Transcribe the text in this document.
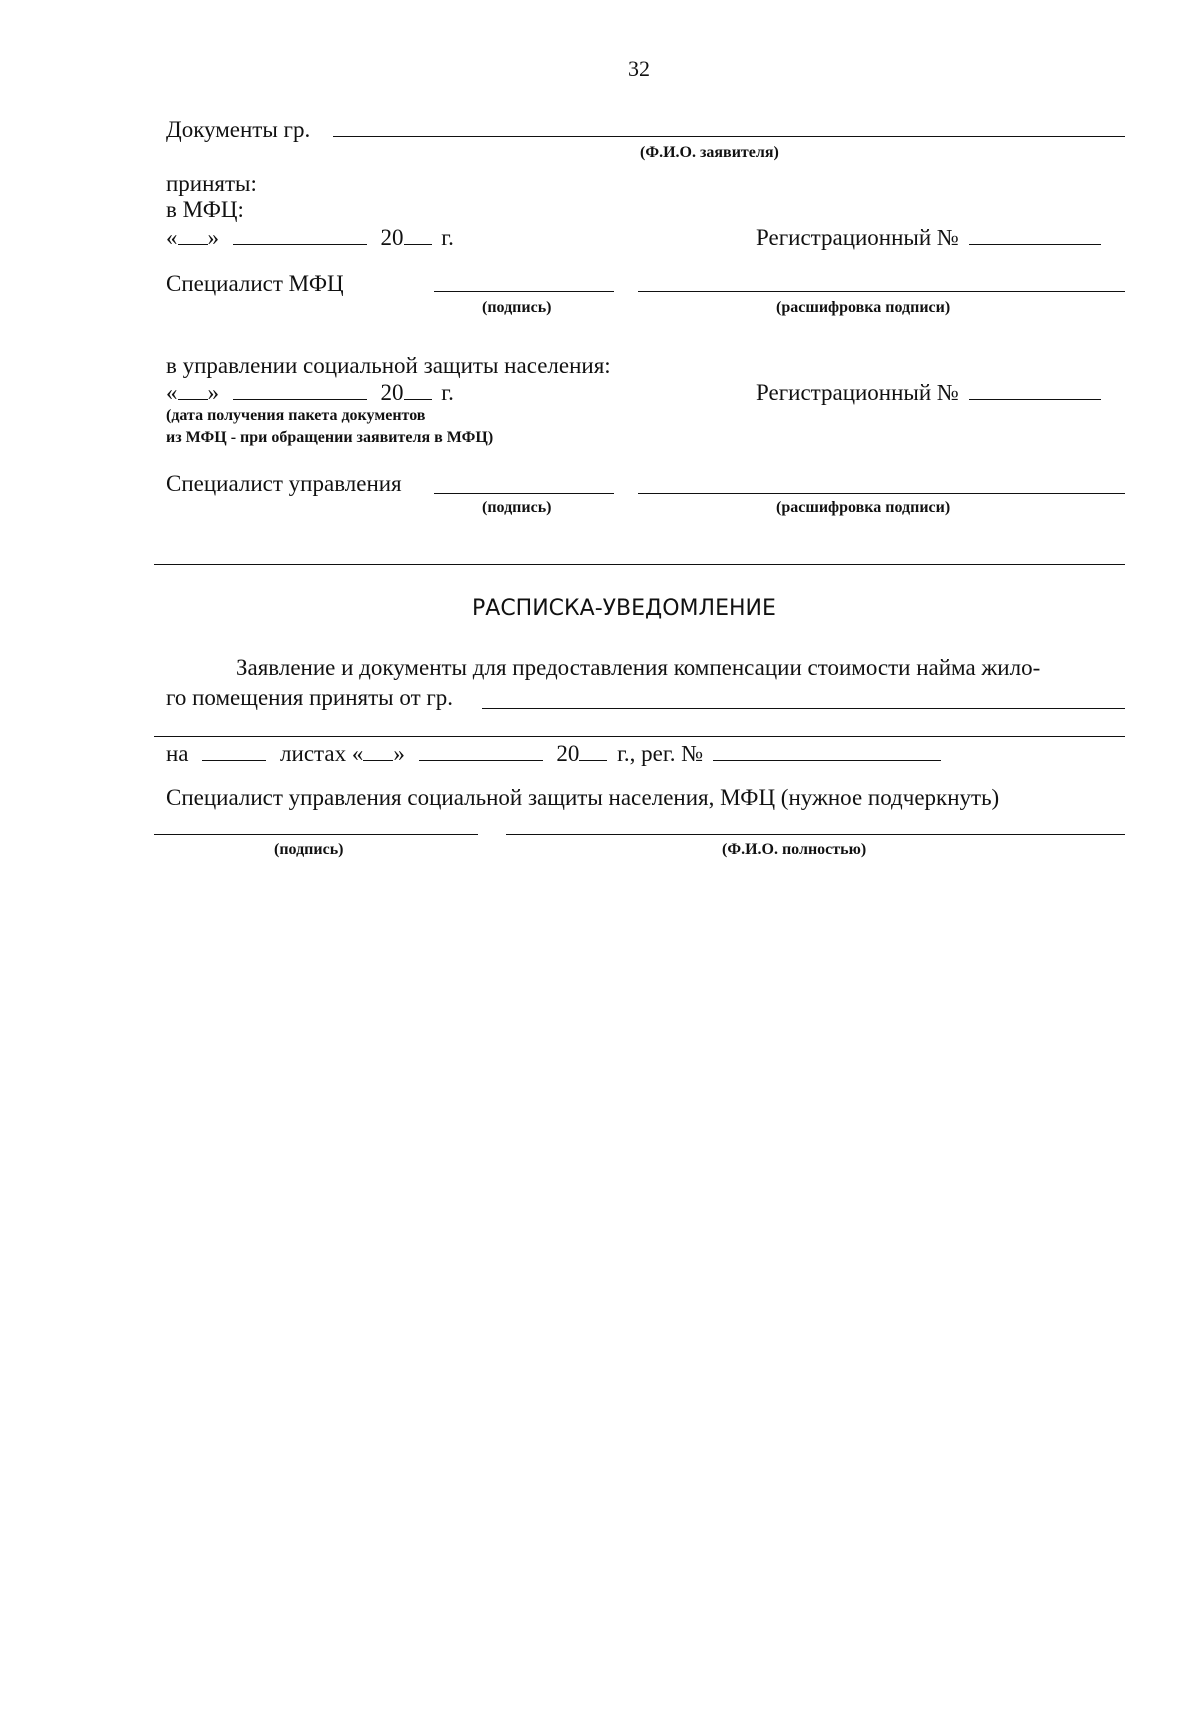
32
Документы гр.
(Ф.И.О. заявителя)
приняты:
в МФЦ:
« »	20 г.	Регистрационный №
Специалист МФЦ
(подпись)	(расшифровка подписи)
в управлении социальной защиты населения:
« »	20 г.	Регистрационный №
(дата получения пакета документов
из МФЦ - при обращении заявителя в МФЦ)
Специалист управления
(подпись)	(расшифровка подписи)
РАСПИСКА-УВЕДОМЛЕНИЕ
Заявление и документы для предоставления компенсации стоимости найма жило-
го помещения приняты от гр.
на	листах « »	20 г., рег. №
Специалист управления социальной защиты населения, МФЦ (нужное подчеркнуть)
(подпись)	(Ф.И.О. полностью)
